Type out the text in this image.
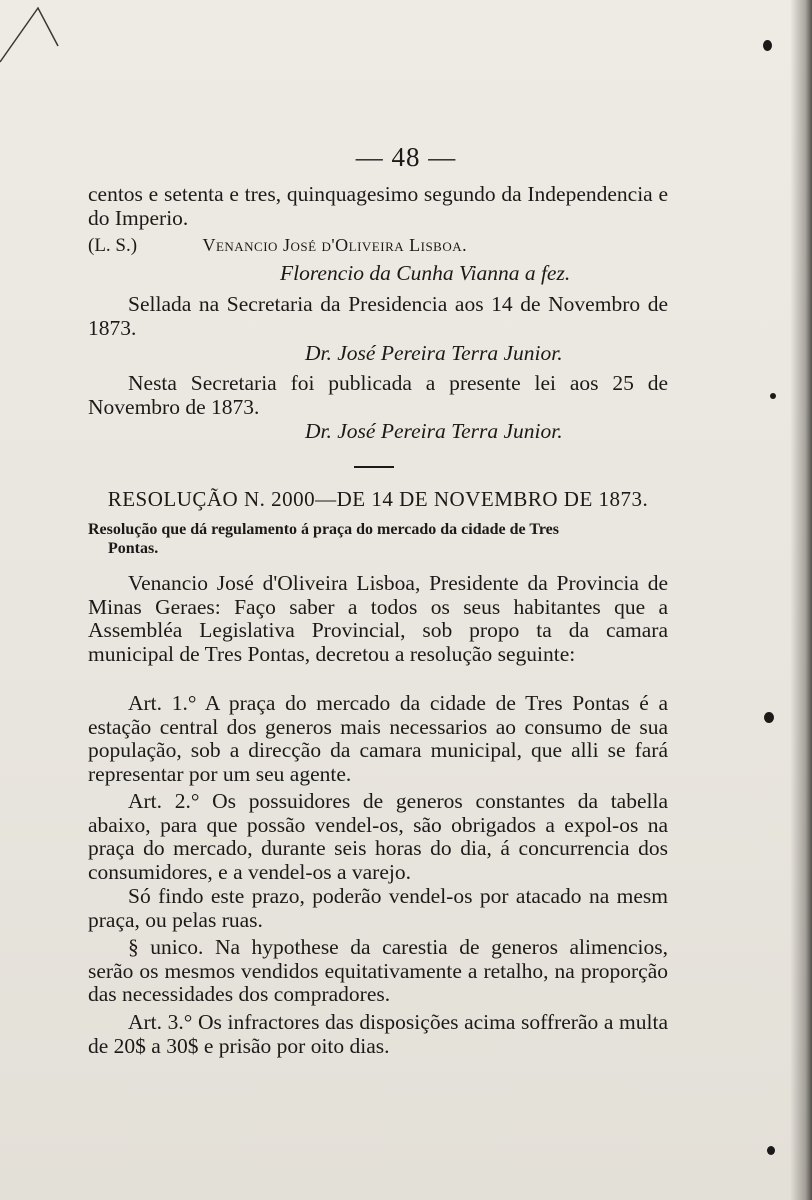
— 48 —

centos e setenta e tres, quinquagesimo segundo da Independencia e do Imperio.

(L. S.)	Venancio José d'Oliveira Lisboa.
Florencio da Cunha Vianna a fez.
Sellada na Secretaria da Presidencia aos 14 de Novembro de 1873.
Dr. José Pereira Terra Junior.
Nesta Secretaria foi publicada a presente lei aos 25 de Novembro de 1873.
Dr. José Pereira Terra Junior.
RESOLUÇÃO N. 2000—DE 14 DE NOVEMBRO DE 1873.
Resolução que dá regulamento á praça do mercado da cidade de Tres
Pontas.
Venancio José d'Oliveira Lisboa, Presidente da Provincia de Minas Geraes: Faço saber a todos os seus habitantes que a Assembléa Legislativa Provincial, sob propo ta da camara municipal de Tres Pontas, decretou a resolução seguinte:
Art. 1.° A praça do mercado da cidade de Tres Pontas é a estação central dos generos mais necessarios ao consumo de sua população, sob a direcção da camara municipal, que alli se fará representar por um seu agente.
Art. 2.° Os possuidores de generos constantes da tabella abaixo, para que possão vendel-os, são obrigados a expol-os na praça do mercado, durante seis horas do dia, á concurrencia dos consumidores, e a vendel-os a varejo.
Só findo este prazo, poderão vendel-os por atacado na mesm praça, ou pelas ruas.
§ unico. Na hypothese da carestia de generos alimencios, serão os mesmos vendidos equitativamente a retalho, na proporção das necessidades dos compradores.
Art. 3.° Os infractores das disposições acima soffrerão a multa de 20$ a 30$ e prisão por oito dias.
